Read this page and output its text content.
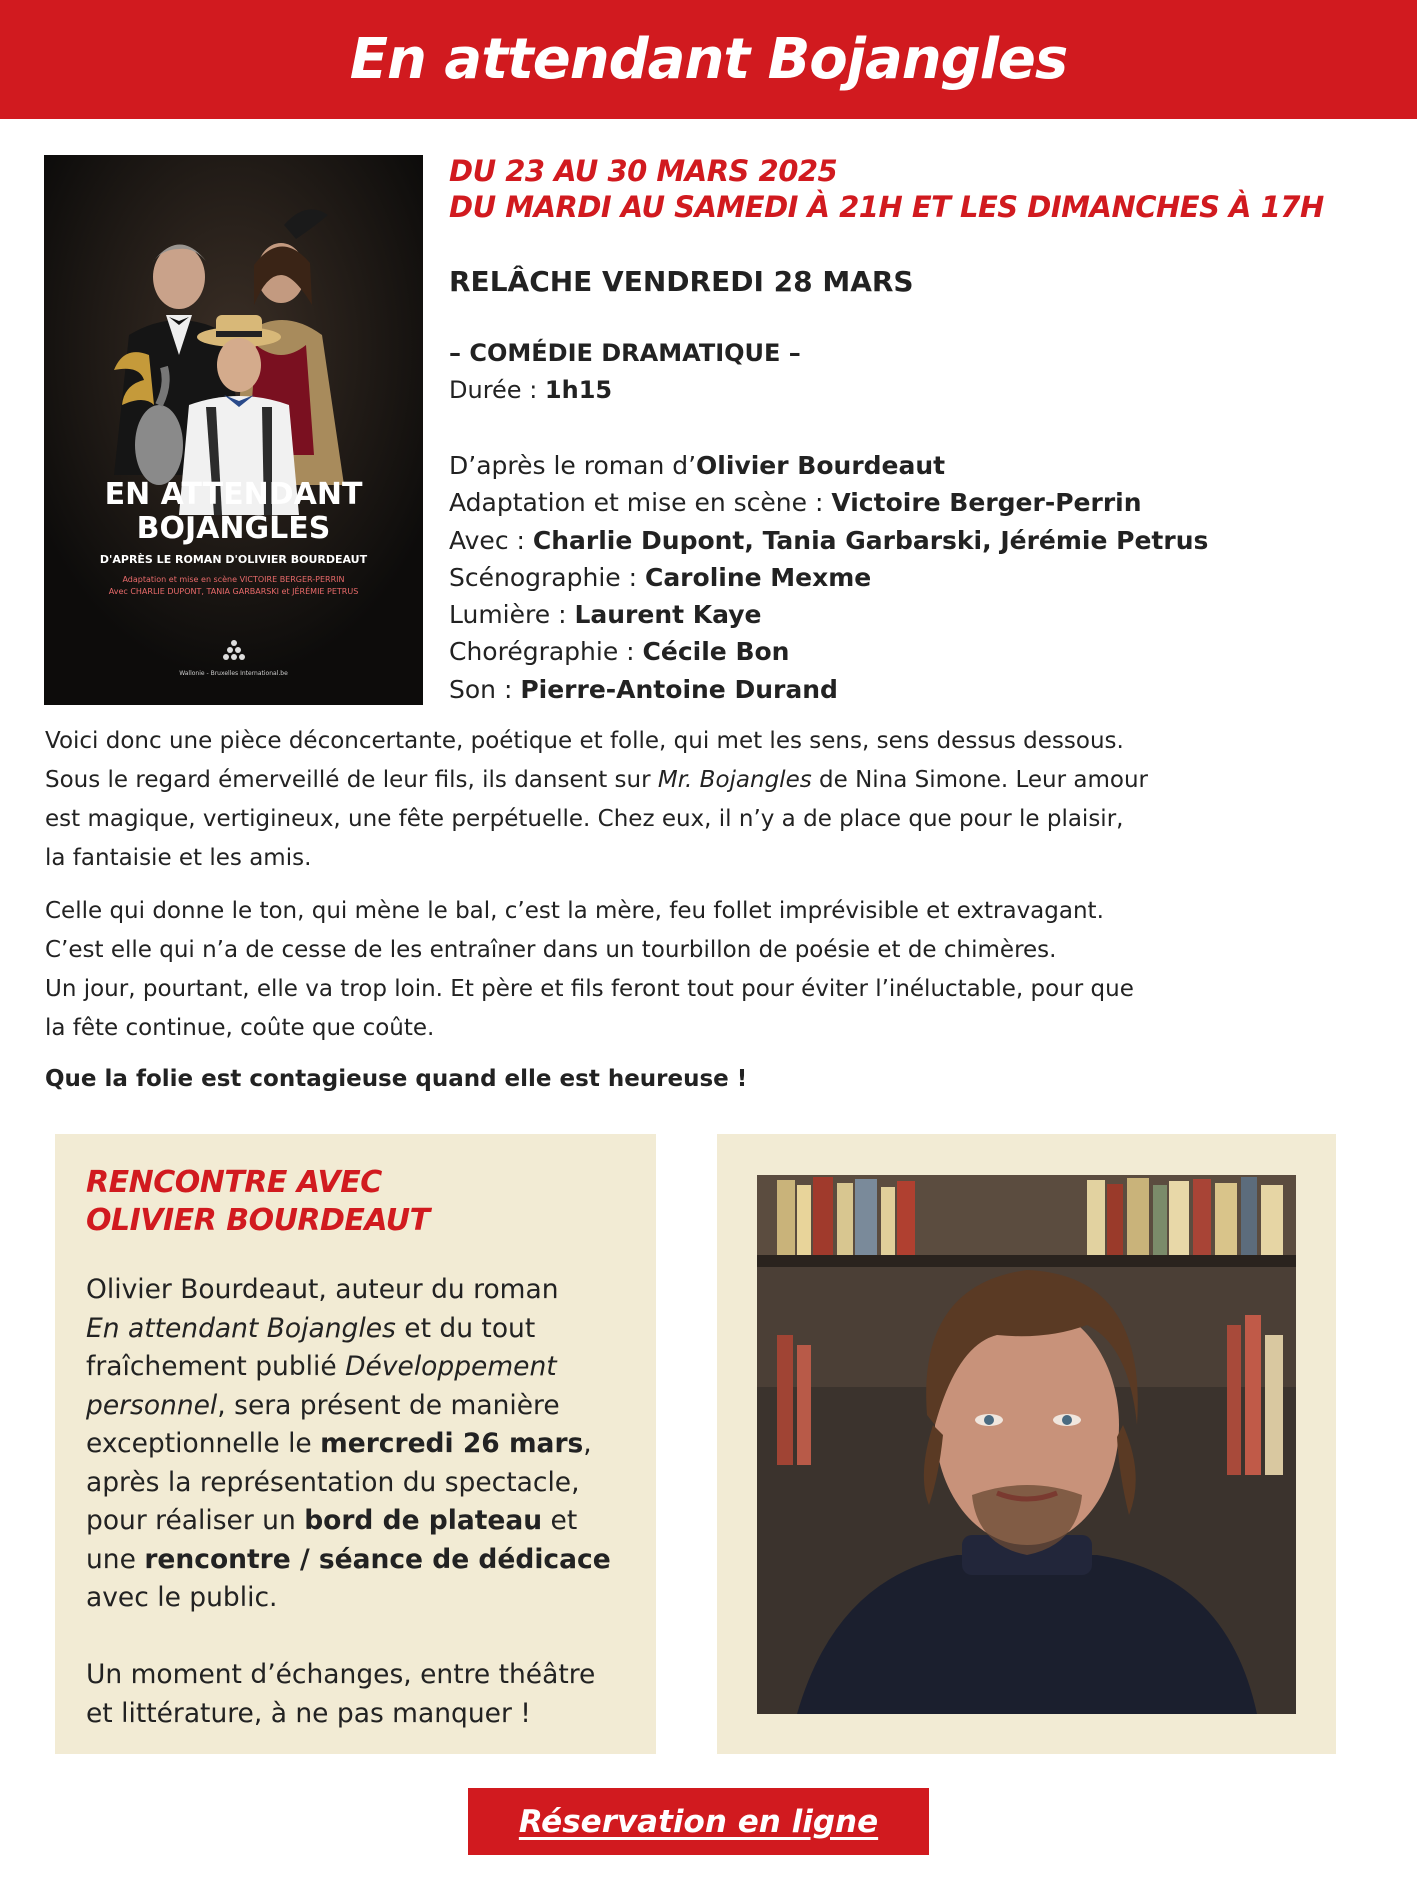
En attendant Bojangles
EN ATTENDANT
BOJANGLES
D'APRÈS LE ROMAN D'OLIVIER BOURDEAUT
Adaptation et mise en scène VICTOIRE BERGER-PERRIN
Avec CHARLIE DUPONT, TANIA GARBARSKI et JÉRÉMIE PETRUS
Wallonie - Bruxelles International.be
DU 23 AU 30 MARS 2025
DU MARDI AU SAMEDI À 21H ET LES DIMANCHES À 17H
RELÂCHE VENDREDI 28 MARS
– COMÉDIE DRAMATIQUE –
Durée : 1h15
D’après le roman d’Olivier Bourdeaut
Adaptation et mise en scène : Victoire Berger-Perrin
Avec : Charlie Dupont, Tania Garbarski, Jérémie Petrus
Scénographie : Caroline Mexme
Lumière : Laurent Kaye
Chorégraphie : Cécile Bon
Son : Pierre-Antoine Durand
Voici donc une pièce déconcertante, poétique et folle, qui met les sens, sens dessus dessous.
Sous le regard émerveillé de leur fils, ils dansent sur Mr. Bojangles de Nina Simone. Leur amour
est magique, vertigineux, une fête perpétuelle. Chez eux, il n’y a de place que pour le plaisir,
la fantaisie et les amis.
Celle qui donne le ton, qui mène le bal, c’est la mère, feu follet imprévisible et extravagant.
C’est elle qui n’a de cesse de les entraîner dans un tourbillon de poésie et de chimères.
Un jour, pourtant, elle va trop loin. Et père et fils feront tout pour éviter l’inéluctable, pour que
la fête continue, coûte que coûte.
Que la folie est contagieuse quand elle est heureuse !
RENCONTRE AVEC
OLIVIER BOURDEAUT
Olivier Bourdeaut, auteur du roman
En attendant Bojangles et du tout
fraîchement publié Développement
personnel, sera présent de manière
exceptionnelle le mercredi 26 mars,
après la représentation du spectacle,
pour réaliser un bord de plateau et
une rencontre / séance de dédicace
avec le public.
Un moment d’échanges, entre théâtre
et littérature, à ne pas manquer !
Réservation en ligne
